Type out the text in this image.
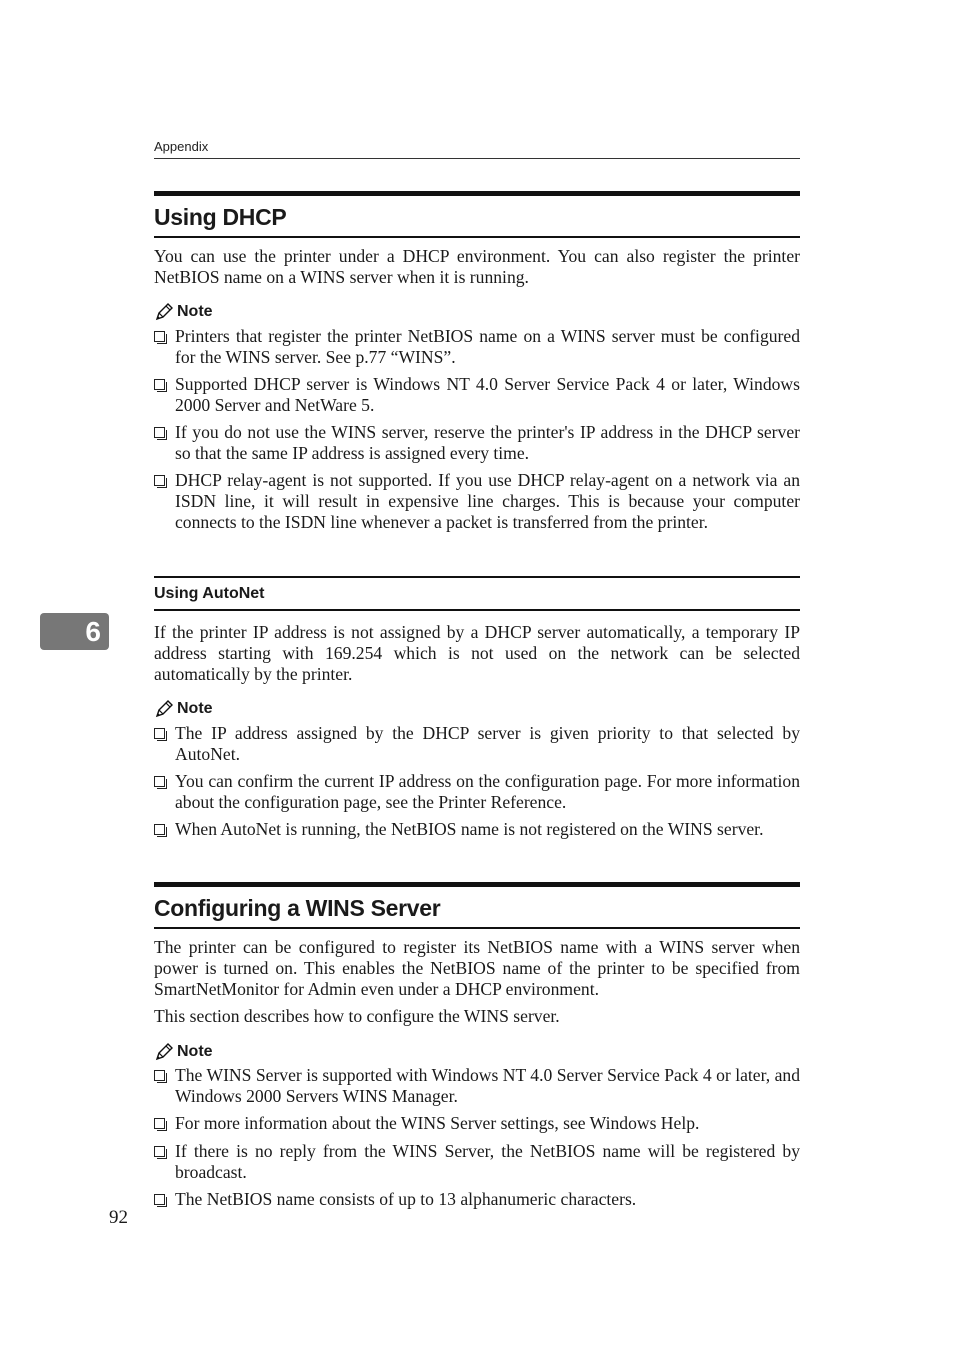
6
Appendix
Using DHCP

You can use the printer under a DHCP environment. You can also register the printer NetBIOS name on a WINS server when it is running.

Note
Printers that register the printer NetBIOS name on a WINS server must be configured for the WINS server. See p.77 “WINS”.
Supported DHCP server is Windows NT 4.0 Server Service Pack 4 or later, Windows 2000 Server and NetWare 5.
If you do not use the WINS server, reserve the printer's IP address in the DHCP server so that the same IP address is assigned every time.
DHCP relay-agent is not supported. If you use DHCP relay-agent on a network via an ISDN line, it will result in expensive line charges. This is because your computer connects to the ISDN line whenever a packet is transferred from the printer.
Using AutoNet

If the printer IP address is not assigned by a DHCP server automatically, a temporary IP address starting with 169.254 which is not used on the network can be selected automatically by the printer.

Note
The IP address assigned by the DHCP server is given priority to that selected by AutoNet.
You can confirm the current IP address on the configuration page. For more information about the configuration page, see the Printer Reference.
When AutoNet is running, the NetBIOS name is not registered on the WINS server.
Configuring a WINS Server

The printer can be configured to register its NetBIOS name with a WINS server when power is turned on. This enables the NetBIOS name of the printer to be specified from SmartNetMonitor for Admin even under a DHCP environment.

This section describes how to configure the WINS server.

Note
The WINS Server is supported with Windows NT 4.0 Server Service Pack 4 or later, and Windows 2000 Servers WINS Manager.
For more information about the WINS Server settings, see Windows Help.
If there is no reply from the WINS Server, the NetBIOS name will be registered by broadcast.
The NetBIOS name consists of up to 13 alphanumeric characters.
92
